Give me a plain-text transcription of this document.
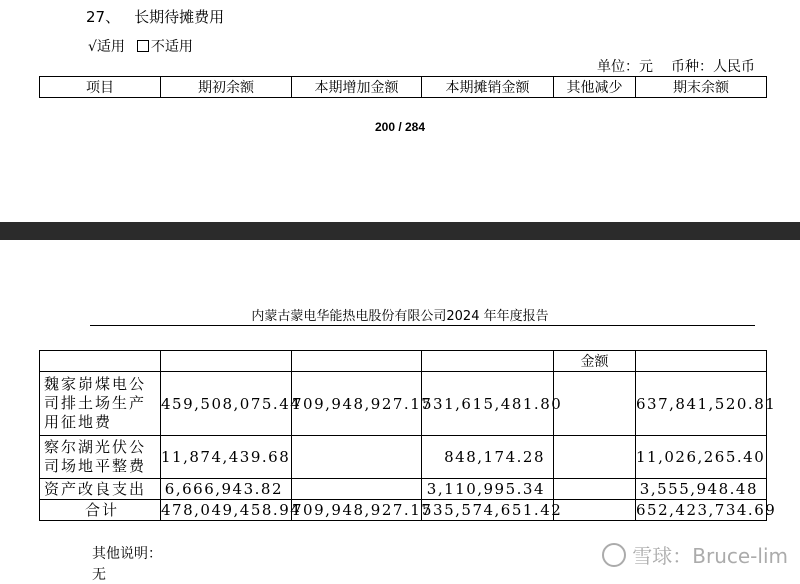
27、 长期待摊费用
√适用 不适用
单位：元 币种：人民币
项目	期初余额	本期增加金额	本期摊销金额	其他减少	期末余额
200 / 284
内蒙古蒙电华能热电股份有限公司2024 年年度报告
				金额	
魏家峁煤电公司排土场生产用征地费	459,508,075.44	709,948,927.17	531,615,481.80		637,841,520.81
察尔湖光伏公司场地平整费	11,874,439.68		848,174.28		11,026,265.40
资产改良支出	6,666,943.82		3,110,995.34		3,555,948.48
合计	478,049,458.94	709,948,927.17	535,574,651.42		652,423,734.69
其他说明：
无
雪球：Bruce-lim
